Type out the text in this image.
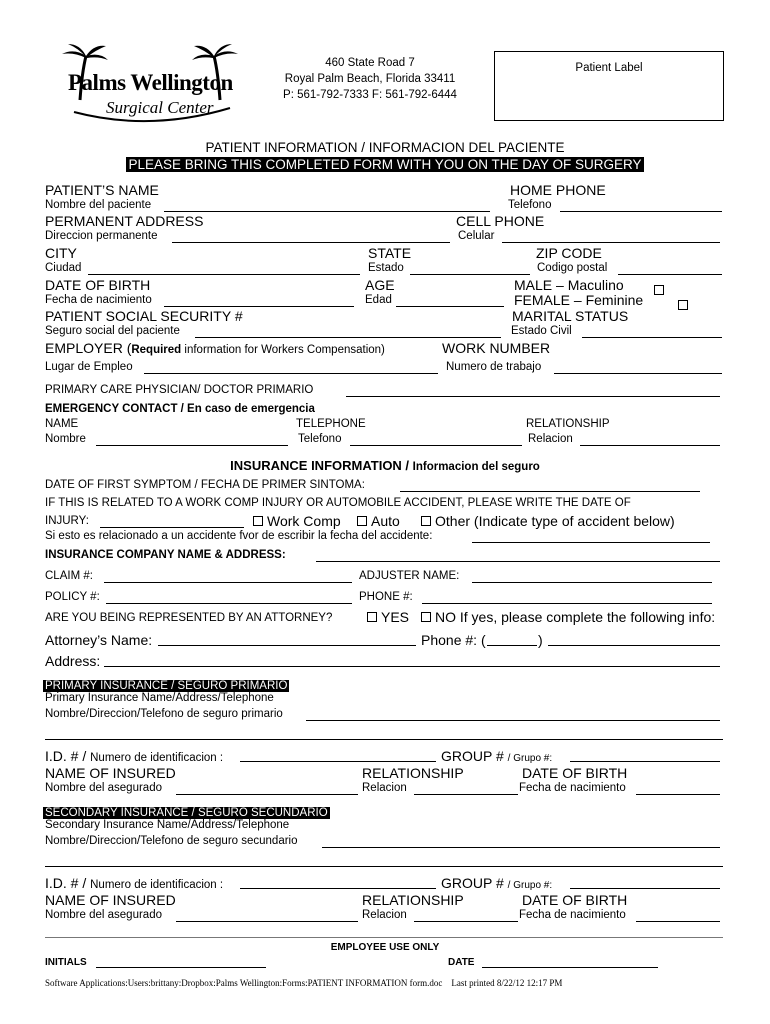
Palms Wellington
Surgical Center
460 State Road 7
Royal Palm Beach, Florida 33411
P: 561-792-7333 F: 561-792-6444
Patient Label
PATIENT INFORMATION / INFORMACION DEL PACIENTE
PLEASE BRING THIS COMPLETED FORM WITH YOU ON THE DAY OF SURGERY
PATIENT’S NAME	HOME PHONE
Nombre del paciente	Telefono
PERMANENT ADDRESS	CELL PHONE
Direccion permanente	Celular
CITY	STATE	ZIP CODE
Ciudad	Estado	Codigo postal
DATE OF BIRTH	AGE	MALE – Maculino

Fecha de nacimiento	Edad	FEMALE – Feminine
PATIENT SOCIAL SECURITY #	MARITAL STATUS
Seguro social del paciente	Estado Civil
EMPLOYER (Required information for Workers Compensation)	WORK NUMBER
Lugar de Empleo	Numero de trabajo
PRIMARY CARE PHYSICIAN/ DOCTOR PRIMARIO
EMERGENCY CONTACT / En caso de emergencia
NAME	TELEPHONE	RELATIONSHIP
Nombre	Telefono	Relacion
INSURANCE INFORMATION / Informacion del seguro
DATE OF FIRST SYMPTOM / FECHA DE PRIMER SINTOMA:
IF THIS IS RELATED TO A WORK COMP INJURY OR AUTOMOBILE ACCIDENT, PLEASE WRITE THE DATE OF
INJURY:	Work Comp	Auto	Other (Indicate type of accident below)
Si esto es relacionado a un accidente fvor de escribir la fecha del accidente:
INSURANCE COMPANY NAME & ADDRESS:
CLAIM #:	ADJUSTER NAME:
POLICY #:	PHONE #:
ARE YOU BEING REPRESENTED BY AN ATTORNEY?	YES	NO If yes, please complete the following info:
Attorney’s Name:	Phone #: (	)
Address:
PRIMARY INSURANCE / SEGURO PRIMARIO
Primary Insurance Name/Address/Telephone
Nombre/Direccion/Telefono de seguro primario
I.D. # / Numero de identificacion :	GROUP # / Grupo #:
NAME OF INSURED	RELATIONSHIP	DATE OF BIRTH
Nombre del asegurado	Relacion	Fecha de nacimiento
SECONDARY INSURANCE / SEGURO SECUNDARIO
Secondary Insurance Name/Address/Telephone
Nombre/Direccion/Telefono de seguro secundario
I.D. # / Numero de identificacion :	GROUP # / Grupo #:
NAME OF INSURED	RELATIONSHIP	DATE OF BIRTH
Nombre del asegurado	Relacion	Fecha de nacimiento
EMPLOYEE USE ONLY
INITIALS	DATE
Software Applications:Users:brittany:Dropbox:Palms Wellington:Forms:PATIENT INFORMATION form.doc Last printed 8/22/12 12:17 PM
